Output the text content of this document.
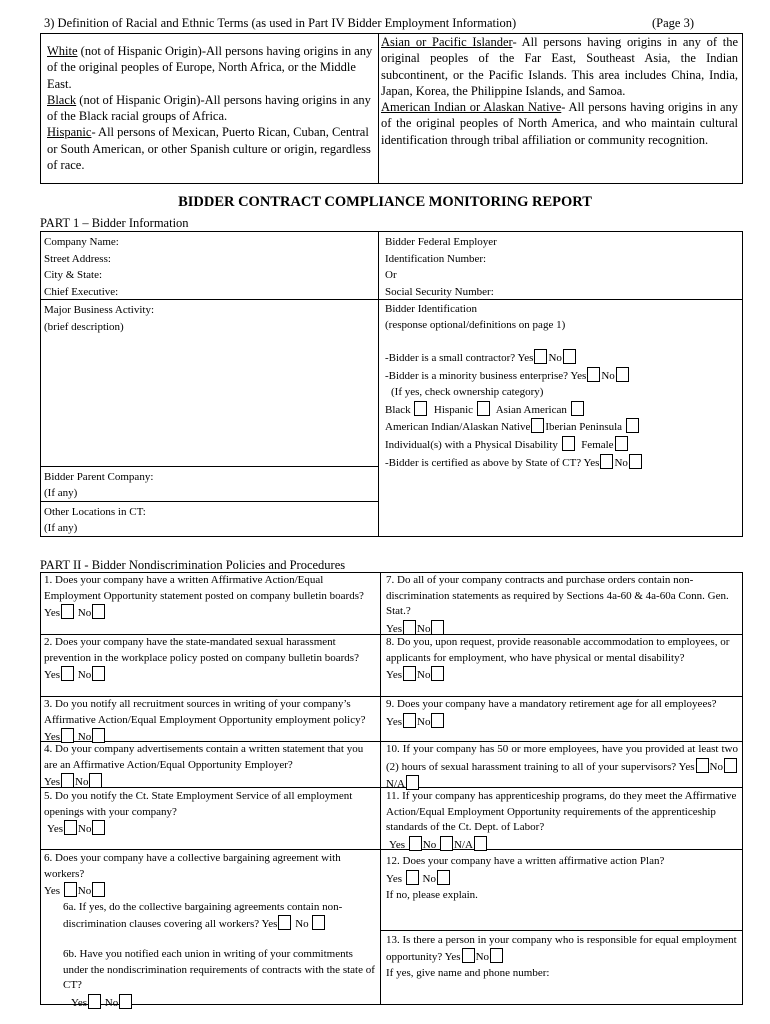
3) Definition of Racial and Ethnic Terms (as used in Part IV Bidder Employment Information)	(Page 3)

White (not of Hispanic Origin)-All persons having origins in any of the original peoples of Europe, North Africa, or the Middle East.

Black (not of Hispanic Origin)-All persons having origins in any of the Black racial groups of Africa.

Hispanic- All persons of Mexican, Puerto Rican, Cuban, Central or South American, or other Spanish culture or origin, regardless of race.

Asian or Pacific Islander- All persons having origins in any of the original peoples of the Far East, Southeast Asia, the Indian subcontinent, or the Pacific Islands. This area includes China, India, Japan, Korea, the Philippine Islands, and Samoa.

American Indian or Alaskan Native- All persons having origins in any of the original peoples of North America, and who maintain cultural identification through tribal affiliation or community recognition.

BIDDER CONTRACT COMPLIANCE MONITORING REPORT
PART 1 – Bidder Information
Company Name:
Street Address:
City & State:
Chief Executive:
Bidder Federal Employer
Identification Number:
Or
Social Security Number:
Major Business Activity:
(brief description)
Bidder Identification
(response optional/definitions on page 1)
-Bidder is a small contractor? Yes No
-Bidder is a minority business enterprise? Yes No
(If yes, check ownership category)
Black Hispanic Asian American
American Indian/Alaskan Native Iberian Peninsula
Individual(s) with a Physical Disability Female
-Bidder is certified as above by State of CT? Yes No
Bidder Parent Company:
(If any)
Other Locations in CT:
(If any)
PART II - Bidder Nondiscrimination Policies and Procedures
1. Does your company have a written Affirmative Action/Equal Employment Opportunity statement posted on company bulletin boards?
Yes No
2. Does your company have the state-mandated sexual harassment prevention in the workplace policy posted on company bulletin boards?
Yes No
3. Do you notify all recruitment sources in writing of your company’s Affirmative Action/Equal Employment Opportunity employment policy? Yes No
4. Do your company advertisements contain a written statement that you are an Affirmative Action/Equal Opportunity Employer?
Yes No
5. Do you notify the Ct. State Employment Service of all employment openings with your company?
Yes No
6. Does your company have a collective bargaining agreement with workers?
Yes No
6a. If yes, do the collective bargaining agreements contain non-discrimination clauses covering all workers? Yes No
6b. Have you notified each union in writing of your commitments under the nondiscrimination requirements of contracts with the state of CT?
Yes No
7. Do all of your company contracts and purchase orders contain non-discrimination statements as required by Sections 4a-60 & 4a-60a Conn. Gen. Stat.?
Yes No
8. Do you, upon request, provide reasonable accommodation to employees, or applicants for employment, who have physical or mental disability?
Yes No
9. Does your company have a mandatory retirement age for all employees?
Yes No
10. If your company has 50 or more employees, have you provided at least two (2) hours of sexual harassment training to all of your supervisors? Yes NoN/A
11. If your company has apprenticeship programs, do they meet the Affirmative Action/Equal Employment Opportunity requirements of the apprenticeship standards of the Ct. Dept. of Labor?
Yes No N/A
12. Does your company have a written affirmative action Plan?
Yes No
If no, please explain.
13. Is there a person in your company who is responsible for equal employment opportunity? Yes No
If yes, give name and phone number:
